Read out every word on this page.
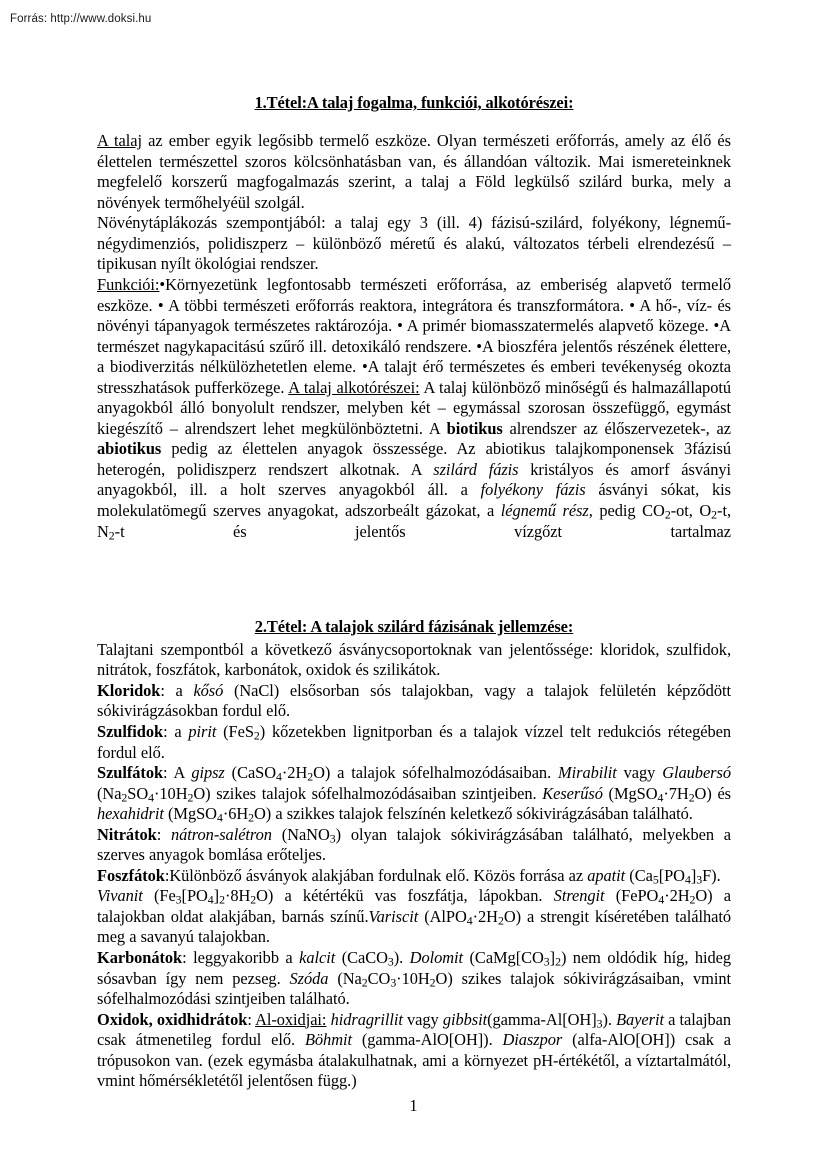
Forrás: http://www.doksi.hu
1.Tétel:A talaj fogalma, funkciói, alkotórészei:

A talaj az ember egyik legősibb termelő eszköze. Olyan természeti erőforrás, amely az élő és élettelen természettel szoros kölcsönhatásban van, és állandóan változik. Mai ismereteinknek megfelelő korszerű magfogalmazás szerint, a talaj a Föld legkülső szilárd burka, mely a növények termőhelyéül szolgál.

Növénytáplákozás szempontjából: a talaj egy 3 (ill. 4) fázisú-szilárd, folyékony, légnemű- négydimenziós, polidiszperz – különböző méretű és alakú, változatos térbeli elrendezésű – tipikusan nyílt ökológiai rendszer.

Funkciói:•Környezetünk legfontosabb természeti erőforrása, az emberiség alapvető termelő eszköze. • A többi természeti erőforrás reaktora, integrátora és transzformátora. • A hő-, víz- és növényi tápanyagok természetes raktározója. • A primér biomasszatermelés alapvető közege. •A természet nagykapacitású szűrő ill. detoxikáló rendszere. •A bioszféra jelentős részének élettere, a biodiverzitás nélkülözhetetlen eleme. •A talajt érő természetes és emberi tevékenység okozta stresszhatások pufferközege. A talaj alkotórészei: A talaj különböző minőségű és halmazállapotú anyagokból álló bonyolult rendszer, melyben két – egymással szorosan összefüggő, egymást kiegészítő – alrendszert lehet megkülönböztetni. A biotikus alrendszer az élőszervezetek-, az abiotikus pedig az élettelen anyagok összessége. Az abiotikus talajkomponensek 3fázisú heterogén, polidiszperz rendszert alkotnak. A szilárd fázis kristályos és amorf ásványi anyagokból, ill. a holt szerves anyagokból áll. a folyékony fázis ásványi sókat, kis molekulatömegű szerves anyagokat, adszorbeált gázokat, a légnemű rész, pedig $CO_2-ot$, $O_2-t$, $N_2-t$ és jelentős vízgőzt tartalmaz

2.Tétel: A talajok szilárd fázisának jellemzése:

Talajtani szempontból a következő ásványcsoportoknak van jelentőssége: kloridok, szulfidok, nitrátok, foszfátok, karbonátok, oxidok és szilikátok.

Kloridok: a kősó (NaCl) elsősorban sós talajokban, vagy a talajok felületén képződött sókivirágzásokban fordul elő.

Szulfidok: a pirit (FeS$_2$) kőzetekben lignitporban és a talajok vízzel telt redukciós rétegében fordul elő.

Szulfátok: A gipsz $(CaSO_4\cdot 2H_2O)$ a talajok sófelhalmozódásaiban. Mirabilit vagy Glaubersó $(Na_2SO_4\cdot 10H_2O)$ szikes talajok sófelhalmozódásaiban szintjeiben. Keserűsó $(MgSO_4\cdot 7H_2O)$ és hexahidrit $(MgSO_4\cdot 6H_2O)$ a szikkes talajok felszínén keletkező sókivirágzásában található.

Nitrátok: nátron-salétron (NaNO$_3$) olyan talajok sókivirágzásában található, melyekben a szerves anyagok bomlása erőteljes.

Foszfátok:Különböző ásványok alakjában fordulnak elő. Közös forrása az apatit $(Ca_5[PO_4]_3F)$.

Vivanit $(Fe_3[PO_4]_2\cdot 8H_2O)$ a kétértékü vas foszfátja, lápokban. Strengit $(FePO_4\cdot 2H_2O)$ a talajokban oldat alakjában, barnás színű.Variscit $(AlPO_4\cdot 2H_2O)$ a strengit kíséretében található meg a savanyú talajokban.

Karbonátok: leggyakoribb a kalcit (CaCO$_3$). Dolomit $(CaMg[CO_3]_2)$ nem oldódik híg, hideg sósavban így nem pezseg. Szóda $(Na_2CO_3\cdot 10H_2O)$ szikes talajok sókivirágzásaiban, vmint sófelhalmozódási szintjeiben található.

Oxidok, oxidhidrátok: Al-oxidjai: hidragrillit vagy $gibbsit(gamma-Al[OH]_3)$. Bayerit a talajban csak átmenetileg fordul elő. Böhmit (gamma-AlO[OH]). Diaszpor (alfa-AlO[OH]) csak a trópusokon van. (ezek egymásba átalakulhatnak, ami a környezet pH-értékétől, a víztartalmától, vmint hőmérsékletétől jelentősen függ.)

1
